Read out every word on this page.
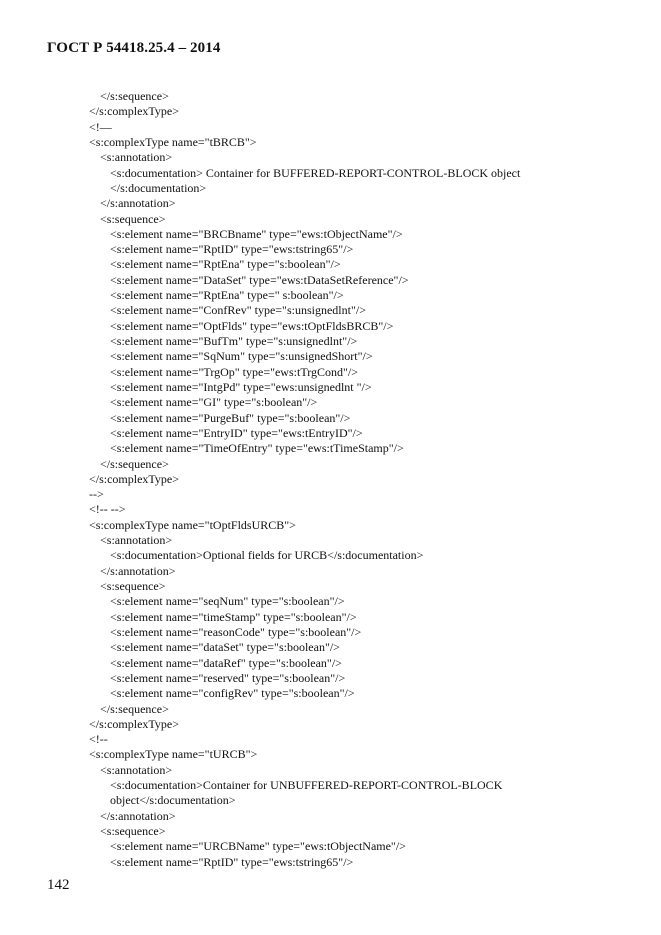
ГОСТ Р 54418.25.4 – 2014
</s:sequence>
</s:complexType>
<!—
<s:complexType name="tBRCB">
<s:annotation>
<s:documentation> Container for BUFFERED-REPORT-CONTROL-BLOCK object
</s:documentation>
</s:annotation>
<s:sequence>
<s:element name="BRCBname" type="ews:tObjectName"/>
<s:element name="RptID" type="ews:tstring65"/>
<s:element name="RptEna" type="s:boolean"/>
<s:element name="DataSet" type="ews:tDataSetReference"/>
<s:element name="RptEna" type=" s:boolean"/>
<s:element name="ConfRev" type="s:unsignedlnt"/>
<s:element name="OptFlds" type="ews:tOptFldsBRCB"/>
<s:element name="BufTm" type="s:unsignedlnt"/>
<s:element name="SqNum" type="s:unsignedShort"/>
<s:element name="TrgOp" type="ews:tTrgCond"/>
<s:element name="IntgPd" type="ews:unsignedlnt "/>
<s:element name="GI" type="s:boolean"/>
<s:element name="PurgeBuf" type="s:boolean"/>
<s:element name="EntryID" type="ews:tEntryID"/>
<s:element name="TimeOfEntry" type="ews:tTimeStamp"/>
</s:sequence>
</s:complexType>
-->
<!-- -->
<s:complexType name="tOptFldsURCB">
<s:annotation>
<s:documentation>Optional fields for URCB</s:documentation>
</s:annotation>
<s:sequence>
<s:element name="seqNum" type="s:boolean"/>
<s:element name="timeStamp" type="s:boolean"/>
<s:element name="reasonCode" type="s:boolean"/>
<s:element name="dataSet" type="s:boolean"/>
<s:element name="dataRef" type="s:boolean"/>
<s:element name="reserved" type="s:boolean"/>
<s:element name="configRev" type="s:boolean"/>
</s:sequence>
</s:complexType>
<!--
<s:complexType name="tURCB">
<s:annotation>
<s:documentation>Container for UNBUFFERED-REPORT-CONTROL-BLOCK
object</s:documentation>
</s:annotation>
<s:sequence>
<s:element name="URCBName" type="ews:tObjectName"/>
<s:element name="RptID" type="ews:tstring65"/>
142
